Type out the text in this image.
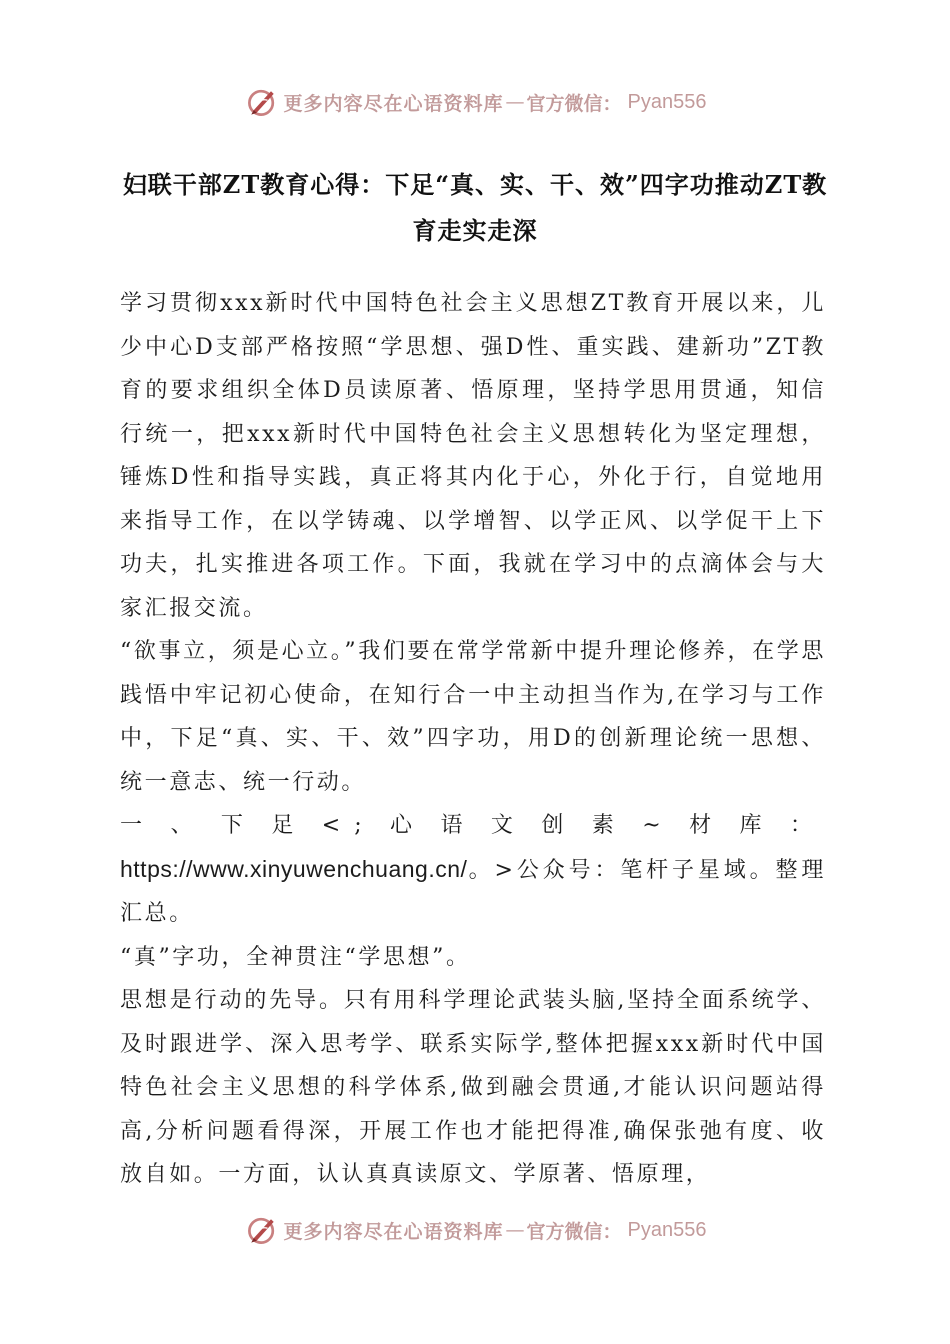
更多内容尽在心语资料库 — 官方微信： Pyan556
妇联干部ZT教育心得：下足“真、实、干、效”四字功推动ZT教育走实走深

学习贯彻xxx新时代中国特色社会主义思想ZT教育开展以来，儿少中心D支部严格按照“学思想、强D性、重实践、建新功”ZT教育的要求组织全体D员读原著、悟原理，坚持学思用贯通，知信行统一，把xxx新时代中国特色社会主义思想转化为坚定理想，锤炼D性和指导实践，真正将其内化于心，外化于行，自觉地用来指导工作，在以学铸魂、以学增智、以学正风、以学促干上下功夫，扎实推进各项工作。下面，我就在学习中的点滴体会与大家汇报交流。

“欲事立，须是心立。”我们要在常学常新中提升理论修养，在学思践悟中牢记初心使命，在知行合一中主动担当作为,在学习与工作中，下足“真、实、干、效”四字功，用D的创新理论统一思想、统一意志、统一行动。

一、下足<;心语文创素~材库：https://www.xinyuwenchuang.cn/。>公众号：笔杆子星域。整理汇总。

“真”字功，全神贯注“学思想”。

思想是行动的先导。只有用科学理论武装头脑,坚持全面系统学、及时跟进学、深入思考学、联系实际学,整体把握xxx新时代中国特色社会主义思想的科学体系,做到融会贯通,才能认识问题站得高,分析问题看得深，开展工作也才能把得准,确保张弛有度、收放自如。一方面，认认真真读原文、学原著、悟原理，

更多内容尽在心语资料库 — 官方微信： Pyan556
